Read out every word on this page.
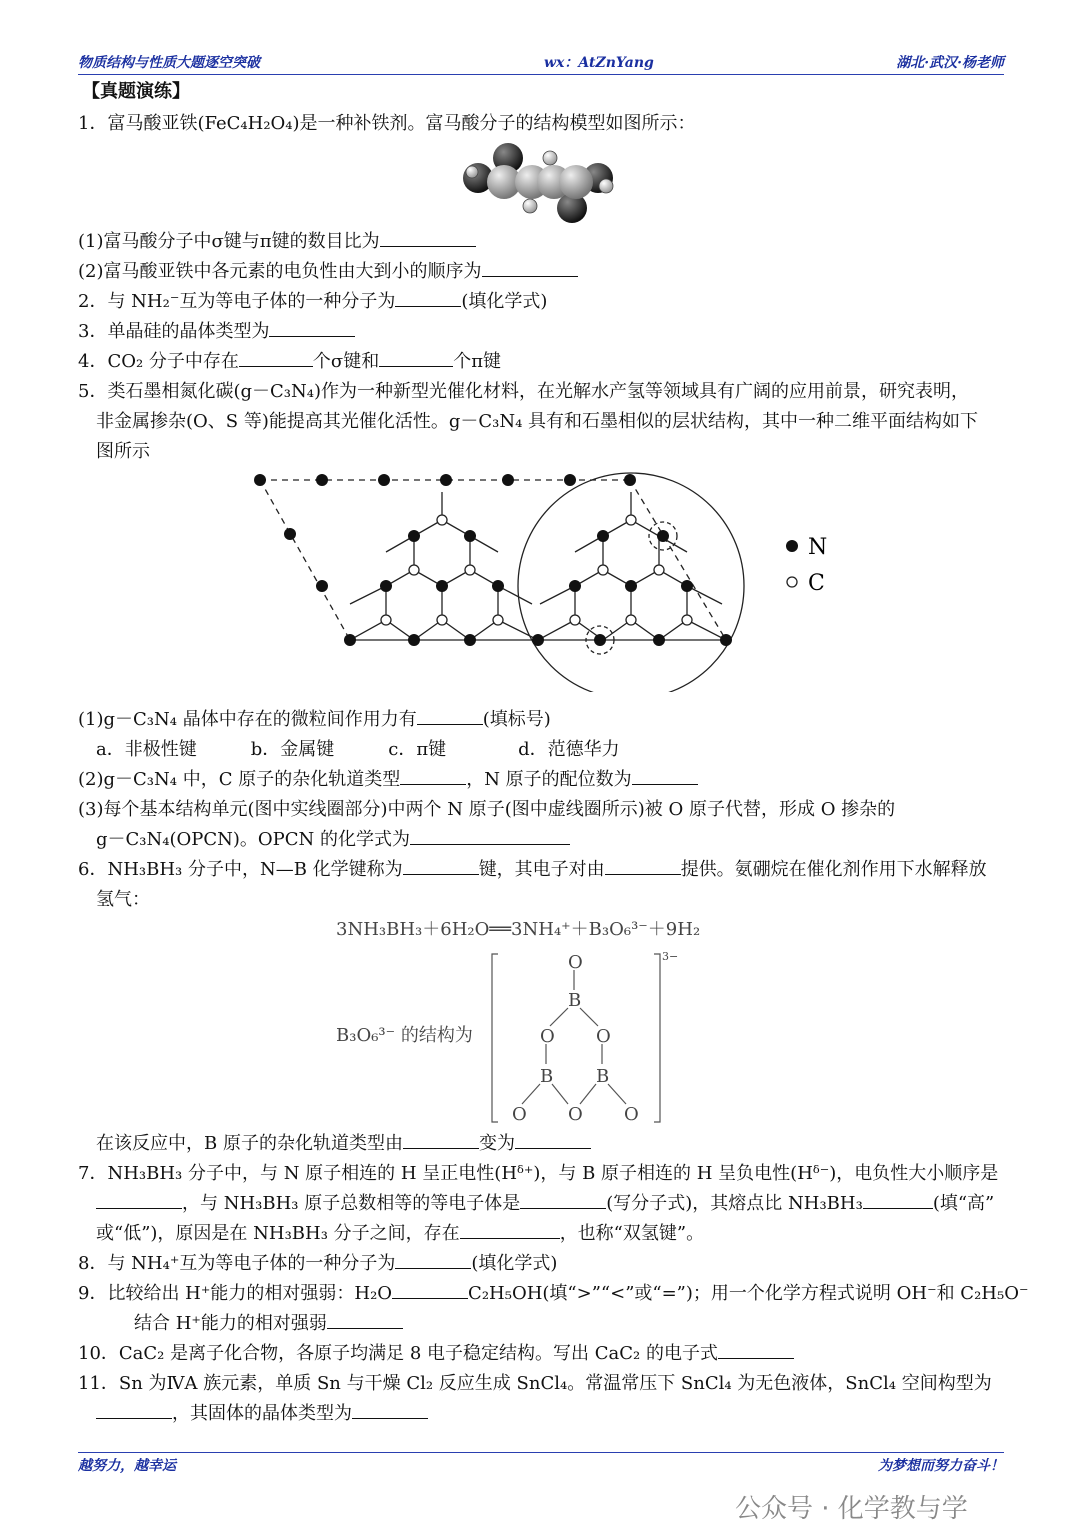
物质结构与性质大题逐空突破	wx：AtZnYang	湖北·武汉·杨老师
【真题演练】
1．富马酸亚铁(FeC₄H₂O₄)是一种补铁剂。富马酸分子的结构模型如图所示：
(1)富马酸分子中σ键与π键的数目比为
(2)富马酸亚铁中各元素的电负性由大到小的顺序为
2．与 NH₂⁻互为等电子体的一种分子为	(填化学式)
3．单晶硅的晶体类型为
4．CO₂ 分子中存在	个σ键和	个π键
5．类石墨相氮化碳(g－C₃N₄)作为一种新型光催化材料，在光解水产氢等领域具有广阔的应用前景，研究表明，
非金属掺杂(O、S 等)能提高其光催化活性。g－C₃N₄ 具有和石墨相似的层状结构，其中一种二维平面结构如下
图所示
N
C
(1)g－C₃N₄ 晶体中存在的微粒间作用力有	(填标号)
a．非极性键　　　b．金属键　　　c．π键　　　　d．范德华力
(2)g－C₃N₄ 中，C 原子的杂化轨道类型	，N 原子的配位数为
(3)每个基本结构单元(图中实线圈部分)中两个 N 原子(图中虚线圈所示)被 O 原子代替，形成 O 掺杂的
g－C₃N₄(OPCN)。OPCN 的化学式为
6．NH₃BH₃ 分子中，N—B 化学键称为	键，其电子对由	提供。氨硼烷在催化剂作用下水解释放
氢气：
3NH₃BH₃＋6H₂O══3NH₄⁺＋B₃O₆³⁻＋9H₂
B₃O₆³⁻ 的结构为
O
B
O O
B B
O O O
3−
在该反应中，B 原子的杂化轨道类型由	变为
7．NH₃BH₃ 分子中，与 N 原子相连的 H 呈正电性(Hᵟ⁺)，与 B 原子相连的 H 呈负电性(Hᵟ⁻)，电负性大小顺序是
，与 NH₃BH₃ 原子总数相等的等电子体是	(写分子式)，其熔点比 NH₃BH₃	(填“高”
或“低”)，原因是在 NH₃BH₃ 分子之间，存在	，也称“双氢键”。
8．与 NH₄⁺互为等电子体的一种分子为	(填化学式)
9．比较给出 H⁺能力的相对强弱：H₂O	C₂H₅OH(填“>”“<”或“=”)；用一个化学方程式说明 OH⁻和 C₂H₅O⁻
结合 H⁺能力的相对强弱
10．CaC₂ 是离子化合物，各原子均满足 8 电子稳定结构。写出 CaC₂ 的电子式
11．Sn 为ⅣA 族元素，单质 Sn 与干燥 Cl₂ 反应生成 SnCl₄。常温常压下 SnCl₄ 为无色液体，SnCl₄ 空间构型为
，其固体的晶体类型为
越努力，越幸运	为梦想而努力奋斗！
公众号 · 化学教与学
